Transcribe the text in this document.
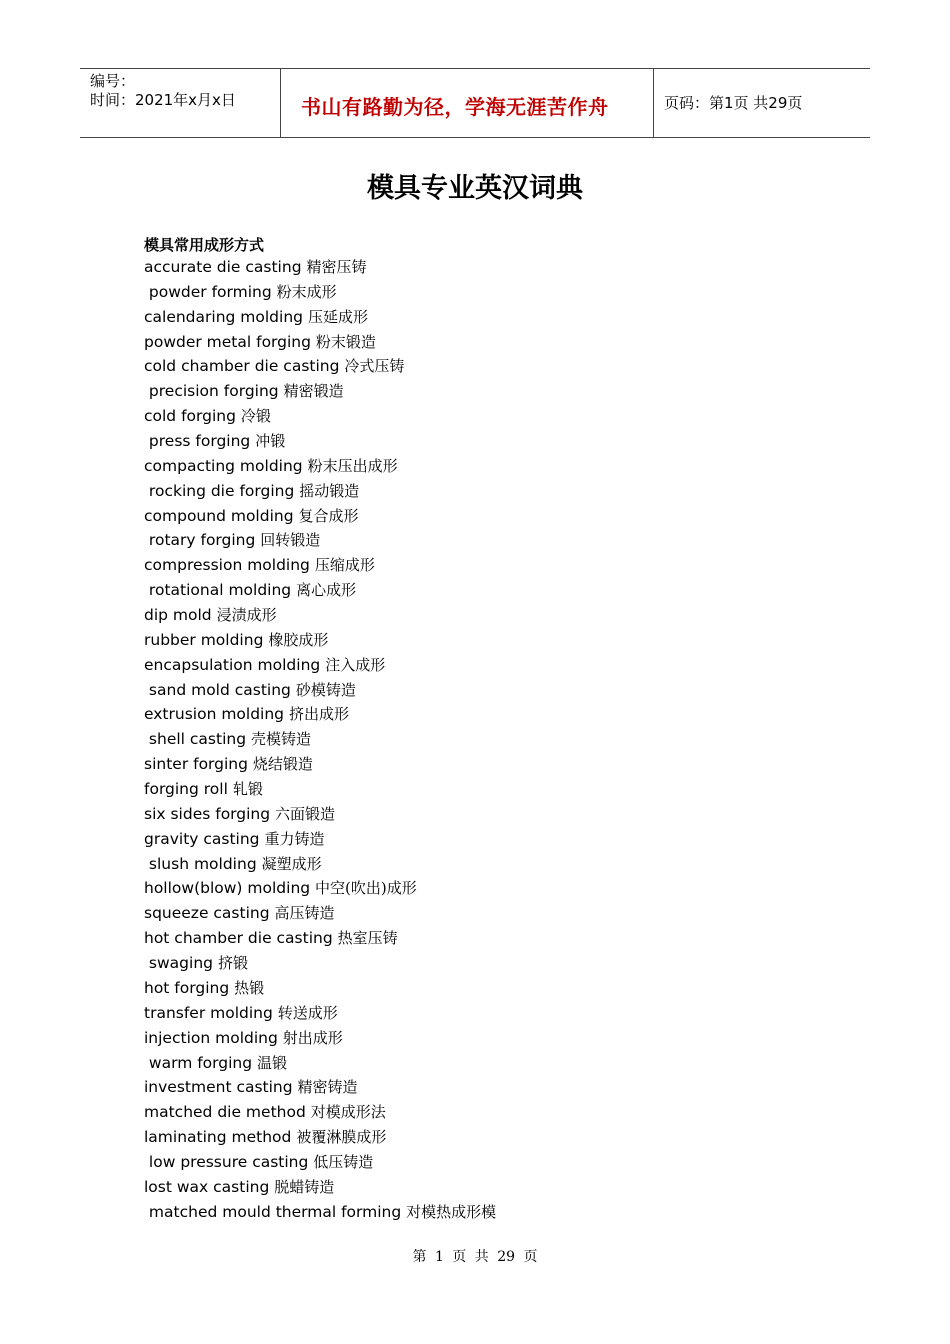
编号：
时间：2021年x月x日	书山有路勤为径，学海无涯苦作舟	页码：第1页 共29页
模具专业英汉词典
模具常用成形方式
accurate die casting 精密压铸
powder forming 粉末成形
calendaring molding 压延成形
powder metal forging 粉末锻造
cold chamber die casting 冷式压铸
precision forging 精密锻造
cold forging 冷锻
press forging 冲锻
compacting molding 粉末压出成形
rocking die forging 摇动锻造
compound molding 复合成形
rotary forging 回转锻造
compression molding 压缩成形
rotational molding 离心成形
dip mold 浸渍成形
rubber molding 橡胶成形
encapsulation molding 注入成形
sand mold casting 砂模铸造
extrusion molding 挤出成形
shell casting 壳模铸造
sinter forging 烧结锻造
forging roll 轧锻
six sides forging 六面锻造
gravity casting 重力铸造
slush molding 凝塑成形
hollow(blow) molding 中空(吹出)成形
squeeze casting 高压铸造
hot chamber die casting 热室压铸
swaging 挤锻
hot forging 热锻
transfer molding 转送成形
injection molding 射出成形
warm forging 温锻
investment casting 精密铸造
matched die method 对模成形法
laminating method 被覆淋膜成形
low pressure casting 低压铸造
lost wax casting 脱蜡铸造
matched mould thermal forming 对模热成形模
第 1 页 共 29 页
